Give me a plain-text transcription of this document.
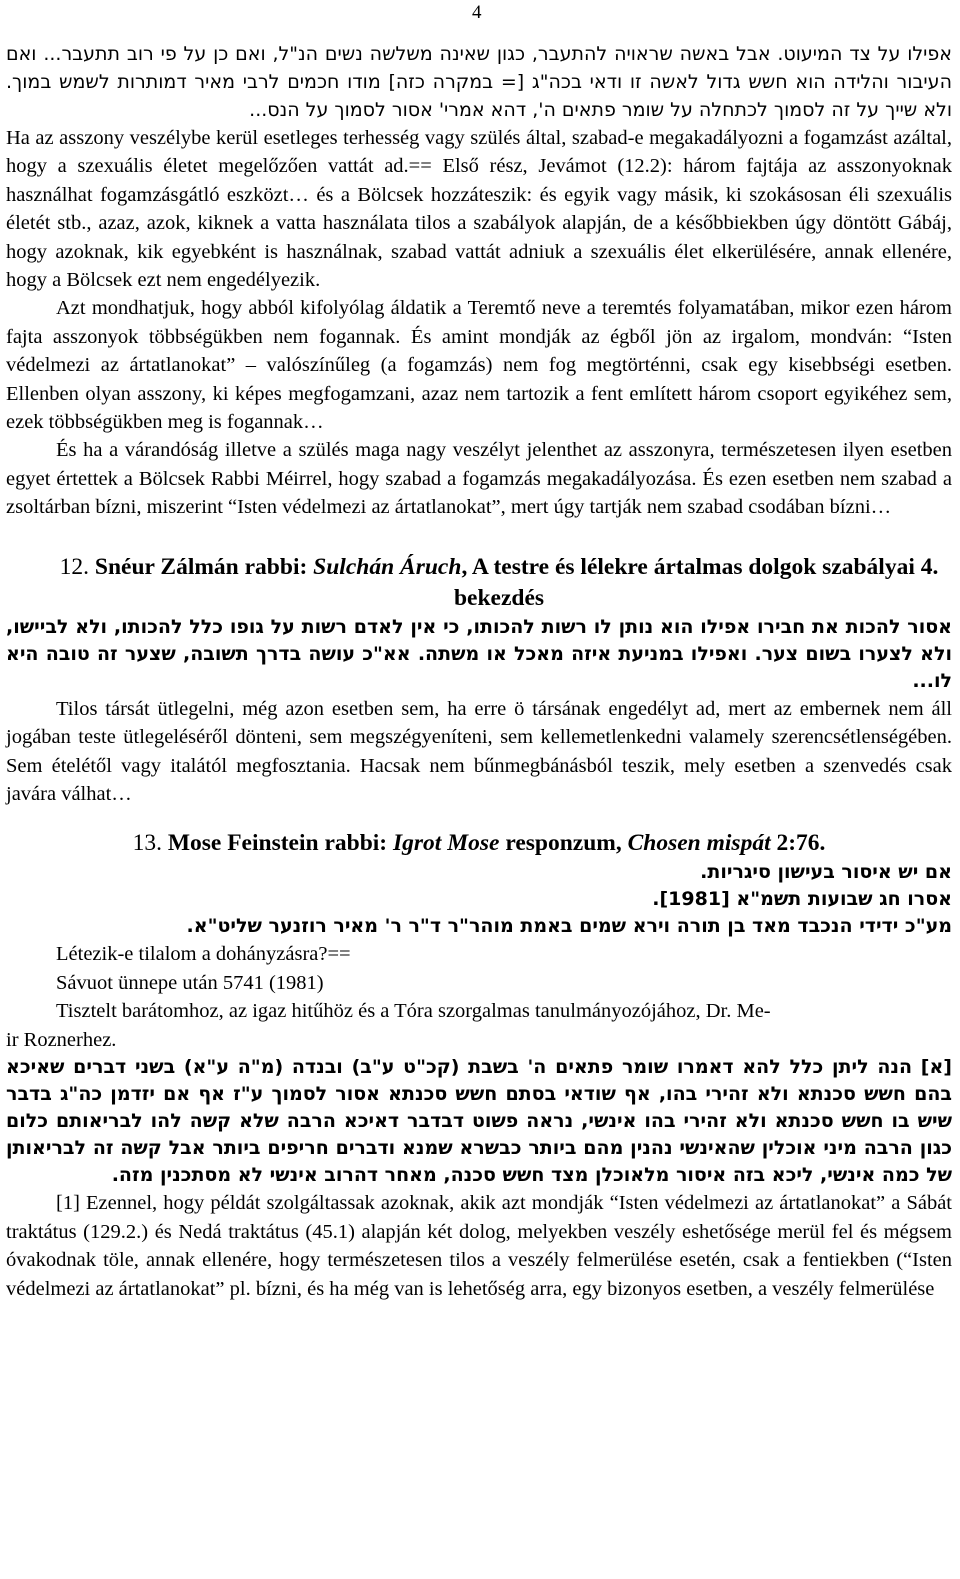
4

אפילו על צד המיעוט. אבל באשה שראויה להתעבר, כגון שאינה משלשה נשים הנ"ל, ואם כן על פי רוב תתעבר... ואם העיבור והלידה הוא חשש גדול לאשה זו ודאי בכה"ג [= במקרה כזה] מודו חכמים לרבי מאיר דמותרות לשמש במוך. ולא שייך על זה לסמוך לכתחלה על שומר פתאים ה', דהא אמרי' אסור לסמוך על הנס...

Ha az asszony veszélybe kerül esetleges terhesség vagy szülés által, szabad-e megakadályozni a fogamzást azáltal, hogy a szexuális életet megelőzően vattát ad.== Első rész, Jevámot (12.2): három fajtája az asszonyoknak használhat fogamzásgátló eszközt… és a Bölcsek hozzáteszik: és egyik vagy másik, ki szokásosan éli szexuális életét stb., azaz, azok, kiknek a vatta használata tilos a szabályok alapján, de a későbbiekben úgy döntött Gábáj, hogy azoknak, kik egyebként is használnak, szabad vattát adniuk a szexuális élet elkerülésére, annak ellenére, hogy a Bölcsek ezt nem engedélyezik.

Azt mondhatjuk, hogy abból kifolyólag áldatik a Teremtő neve a teremtés folyamatában, mikor ezen három fajta asszonyok többségükben nem fogannak. És amint mondják az égből jön az irgalom, mondván: “Isten védelmezi az ártatlanokat” – valószínűleg (a fogamzás) nem fog megtörténni, csak egy kisebbségi esetben. Ellenben olyan asszony, ki képes megfogamzani, azaz nem tartozik a fent említett három csoport egyikéhez sem, ezek többségükben meg is fogannak…

És ha a várandóság illetve a szülés maga nagy veszélyt jelenthet az asszonyra, természetesen ilyen esetben egyet értettek a Bölcsek Rabbi Méirrel, hogy szabad a fogamzás megakadályozása. És ezen esetben nem szabad a zsoltárban bízni, miszerint “Isten védelmezi az ártatlanokat”, mert úgy tartják nem szabad csodában bízni…

12. Snéur Zálmán rabbi: Sulchán Áruch, A testre és lélekre ártalmas dolgok szabályai 4. bekezdés

אסור להכות את חבירו אפילו הוא נותן לו רשות להכותו, כי אין לאדם רשות על גופו כלל להכותו, ולא לביישו, ולא לצערו בשום צער. ואפילו במניעת איזה מאכל או משתה. אא"כ עושה בדרך תשובה, שצער זה טובה היא לו...

Tilos társát ütlegelni, még azon esetben sem, ha erre ö társának engedélyt ad, mert az embernek nem áll jogában teste ütlegeléséről dönteni, sem megszégyeníteni, sem kellemetlenkedni valamely szerencsétlenségében. Sem ételétől vagy italától megfosztania. Hacsak nem bűnmegbánásból teszik, mely esetben a szenvedés csak javára válhat…

13. Mose Feinstein rabbi: Igrot Mose responzum, Chosen mispát 2:76.

אם יש איסור בעישון סיגריות.

אסרו חג שבועות תשמ"א [1981].

מע"כ ידידי הנכבד מאד בן תורה וירא שמים באמת מוהר"ר ד"ר ר' מאיר רוזנער שליט"א.

Létezik-e tilalom a dohányzásra?==
Sávuot ünnepe után 5741 (1981)
Tisztelt barátomhoz, az igaz hitűhöz és a Tóra szorgalmas tanulmányozójához, Dr. Me-
ir Roznerhez.

[א] הנה ליתן כלל להא דאמרו שומר פתאים ה' בשבת (קכ"ט ע"ב) ובנדה (מ"ה ע"א) בשני דברים שאיכא בהם חשש סכנתא ולא זהירי בהו, אף שודאי בסתם חשש סכנתא אסור לסמוך ע"ז אף אם יזדמן כה"ג בדבר שיש בו חשש סכנתא ולא זהירי בהו אינשי, נראה פשוט דבדבר דאיכא הרבה שלא קשה להו לבריאותם כלום כגון הרבה מיני אוכלין שהאינשי נהנין מהם ביותר כבשרא שמנא ודברים חריפים ביותר אבל קשה זה לבריאותן של כמה אינשי, ליכא בזה איסור מלאוכלן מצד חשש סכנה, מאחר דהרוב אינשי לא מסתכנין מזה.

[1] Ezennel, hogy példát szolgáltassak azoknak, akik azt mondják “Isten védelmezi az ártatlanokat” a Sábát traktátus (129.2.) és Nedá traktátus (45.1) alapján két dolog, melyekben veszély eshetősége merül fel és mégsem óvakodnak töle, annak ellenére, hogy természetesen tilos a veszély felmerülése esetén, csak a fentiekben (“Isten védelmezi az ártatlanokat” pl. bízni, és ha még van is lehetőség arra, egy bizonyos esetben, a veszély felmerülése
